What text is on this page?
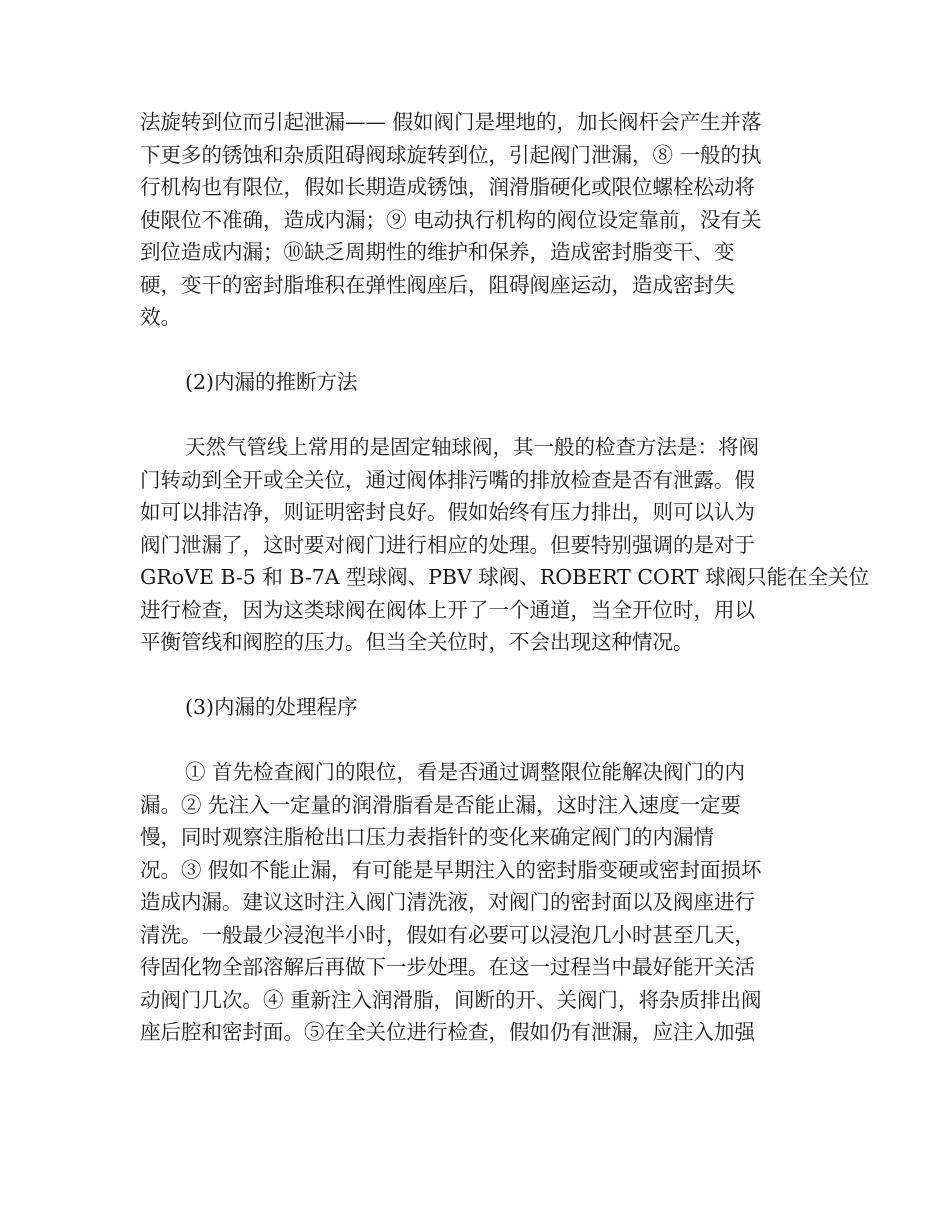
法旋转到位而引起泄漏—— 假如阀门是埋地的，加长阀杆会产生并落
下更多的锈蚀和杂质阻碍阀球旋转到位，引起阀门泄漏，⑧ 一般的执
行机构也有限位，假如长期造成锈蚀，润滑脂硬化或限位螺栓松动将
使限位不准确，造成内漏；⑨ 电动执行机构的阀位设定靠前，没有关
到位造成内漏；⑩缺乏周期性的维护和保养，造成密封脂变干、变
硬，变干的密封脂堆积在弹性阀座后，阻碍阀座运动，造成密封失
效。
(2)内漏的推断方法
天然气管线上常用的是固定轴球阀，其一般的检查方法是：将阀
门转动到全开或全关位，通过阀体排污嘴的排放检查是否有泄露。假
如可以排洁净，则证明密封良好。假如始终有压力排出，则可以认为
阀门泄漏了，这时要对阀门进行相应的处理。但要特别强调的是对于
GRoVE B-5 和 B-7A 型球阀、PBV 球阀、ROBERT CORT 球阀只能在全关位
进行检查，因为这类球阀在阀体上开了一个通道，当全开位时，用以
平衡管线和阀腔的压力。但当全关位时，不会出现这种情况。
(3)内漏的处理程序
① 首先检查阀门的限位，看是否通过调整限位能解决阀门的内
漏。② 先注入一定量的润滑脂看是否能止漏，这时注入速度一定要
慢，同时观察注脂枪出口压力表指针的变化来确定阀门的内漏情
况。③ 假如不能止漏，有可能是早期注入的密封脂变硬或密封面损坏
造成内漏。建议这时注入阀门清洗液，对阀门的密封面以及阀座进行
清洗。一般最少浸泡半小时，假如有必要可以浸泡几小时甚至几天，
待固化物全部溶解后再做下一步处理。在这一过程当中最好能开关活
动阀门几次。④ 重新注入润滑脂，间断的开、关阀门，将杂质排出阀
座后腔和密封面。⑤在全关位进行检查，假如仍有泄漏，应注入加强
